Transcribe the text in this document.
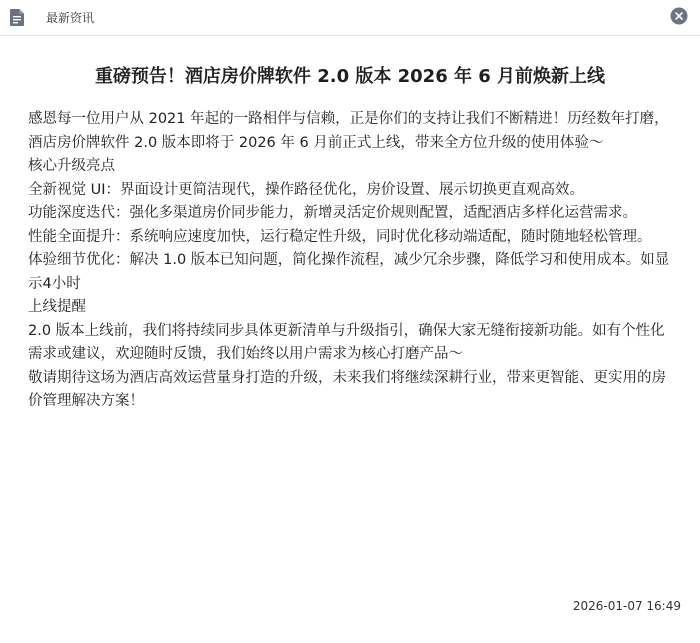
最新资讯
重磅预告！酒店房价牌软件 2.0 版本 2026 年 6 月前焕新上线

感恩每一位用户从 2021 年起的一路相伴与信赖，正是你们的支持让我们不断精进！历经数年打磨，酒店房价牌软件 2.0 版本即将于 2026 年 6 月前正式上线，带来全方位升级的使用体验～

核心升级亮点

全新视觉 UI：界面设计更简洁现代，操作路径优化，房价设置、展示切换更直观高效。

功能深度迭代：强化多渠道房价同步能力，新增灵活定价规则配置，适配酒店多样化运营需求。

性能全面提升：系统响应速度加快，运行稳定性升级，同时优化移动端适配，随时随地轻松管理。

体验细节优化：解决 1.0 版本已知问题，简化操作流程，减少冗余步骤，降低学习和使用成本。如显示4小时

上线提醒

2.0 版本上线前，我们将持续同步具体更新清单与升级指引，确保大家无缝衔接新功能。如有个性化需求或建议，欢迎随时反馈，我们始终以用户需求为核心打磨产品～

敬请期待这场为酒店高效运营量身打造的升级，未来我们将继续深耕行业，带来更智能、更实用的房价管理解决方案！

2026-01-07 16:49
